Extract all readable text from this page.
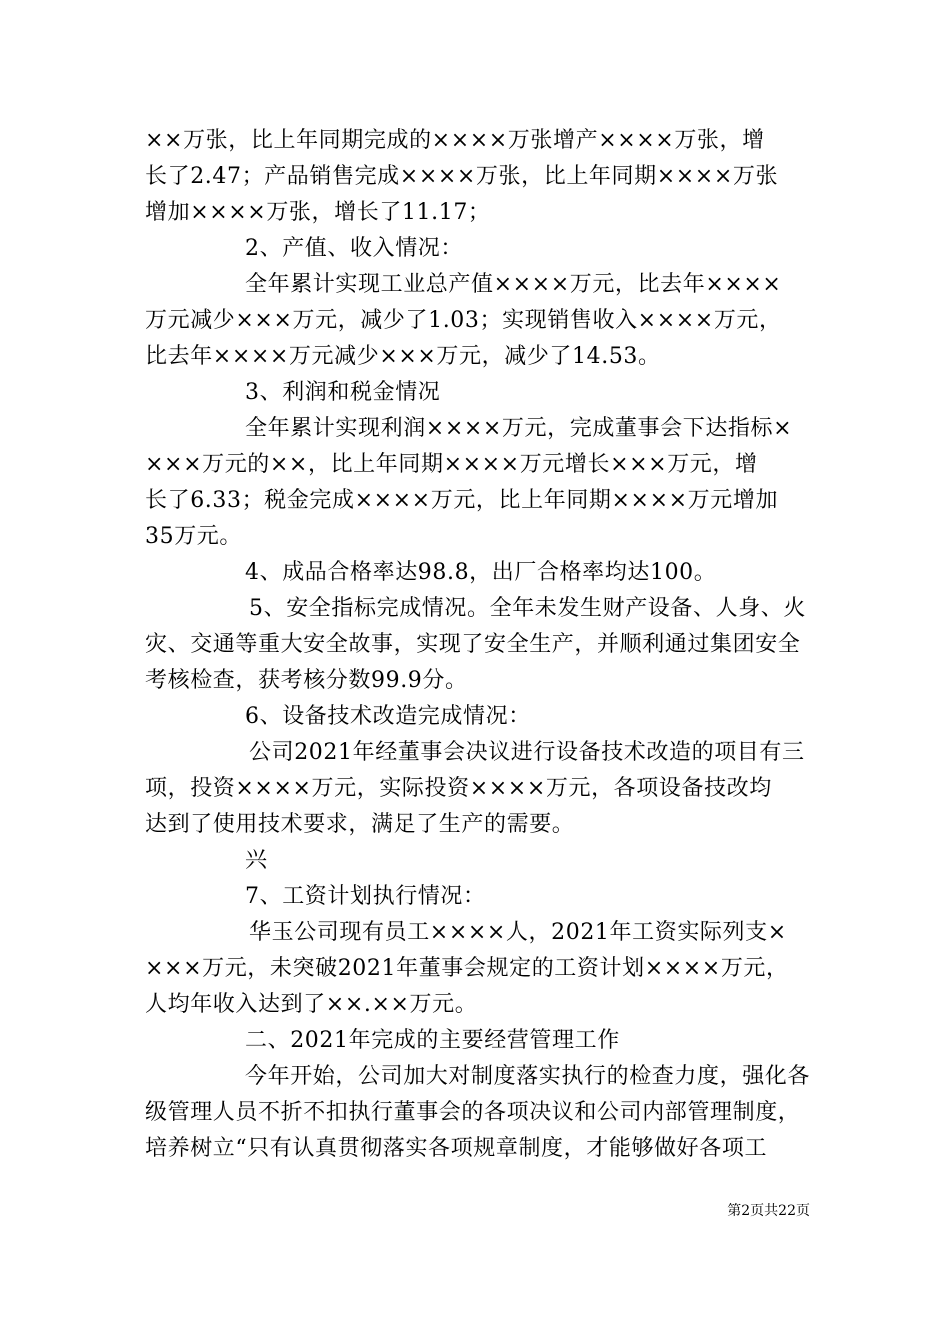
××万张，比上年同期完成的××××万张增产××××万张，增
长了2.47；产品销售完成××××万张，比上年同期××××万张
增加××××万张，增长了11.17；
2、产值、收入情况：
全年累计实现工业总产值××××万元，比去年××××
万元减少×××万元，减少了1.03；实现销售收入××××万元，
比去年××××万元减少×××万元，减少了14.53。
3、利润和税金情况
全年累计实现利润××××万元，完成董事会下达指标×
×××万元的××，比上年同期××××万元增长×××万元，增
长了6.33；税金完成××××万元，比上年同期××××万元增加
35万元。
4、成品合格率达98.8，出厂合格率均达100。
5、安全指标完成情况。全年未发生财产设备、人身、火
灾、交通等重大安全故事，实现了安全生产，并顺利通过集团安全
考核检查，获考核分数99.9分。
6、设备技术改造完成情况：
公司2021年经董事会决议进行设备技术改造的项目有三
项，投资××××万元，实际投资××××万元，各项设备技改均
达到了使用技术要求，满足了生产的需要。
兴
7、工资计划执行情况：
华玉公司现有员工××××人，2021年工资实际列支×
×××万元，未突破2021年董事会规定的工资计划××××万元，
人均年收入达到了××.××万元。
二、2021年完成的主要经营管理工作
今年开始，公司加大对制度落实执行的检查力度，强化各
级管理人员不折不扣执行董事会的各项决议和公司内部管理制度，
培养树立“只有认真贯彻落实各项规章制度，才能够做好各项工
第2页共22页
